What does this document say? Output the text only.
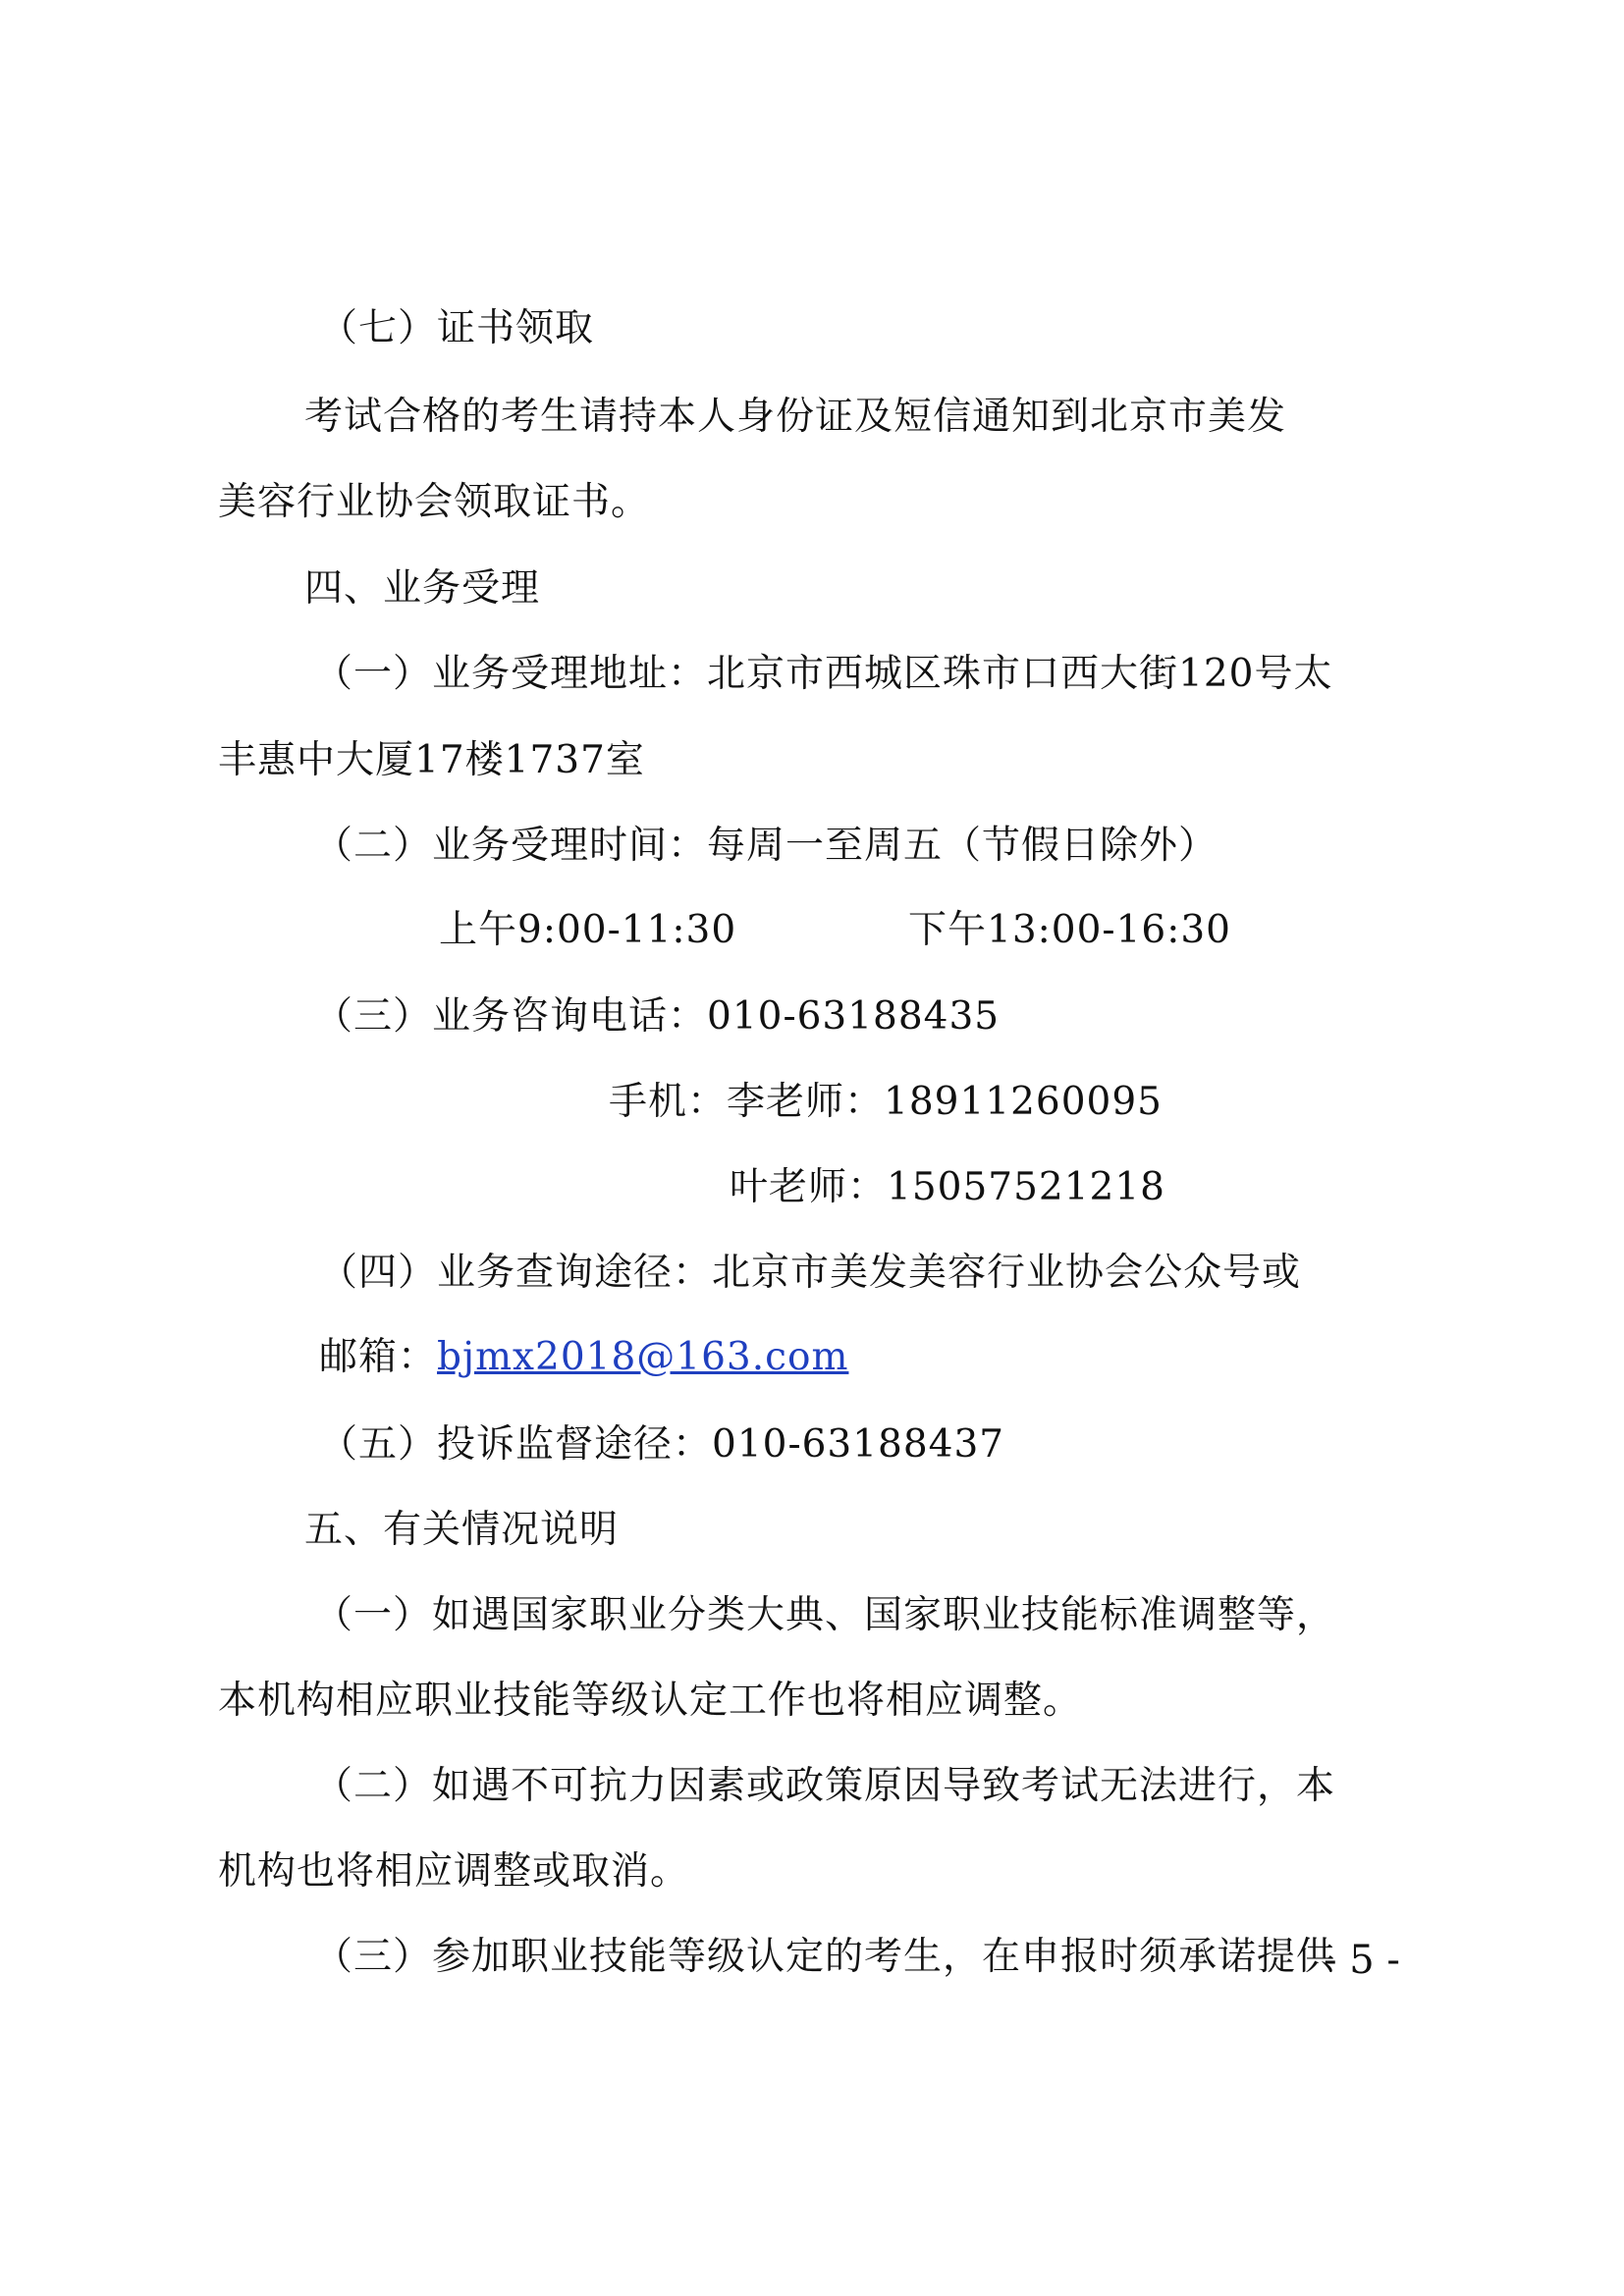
（七）证书领取
考试合格的考生请持本人身份证及短信通知到北京市美发
美容行业协会领取证书。
四、业务受理
（一）业务受理地址：北京市西城区珠市口西大街120号太
丰惠中大厦17楼1737室
（二）业务受理时间：每周一至周五（节假日除外）
上午9:00-11:30	下午13:00-16:30
（三）业务咨询电话：010-63188435
手机：李老师：18911260095
叶老师：15057521218
（四）业务查询途径：北京市美发美容行业协会公众号或
邮箱：bjmx2018@163.com
（五）投诉监督途径：010-63188437
五、有关情况说明
（一）如遇国家职业分类大典、国家职业技能标准调整等，
本机构相应职业技能等级认定工作也将相应调整。
（二）如遇不可抗力因素或政策原因导致考试无法进行，本
机构也将相应调整或取消。
（三）参加职业技能等级认定的考生，在申报时须承诺提供
- 5 -
